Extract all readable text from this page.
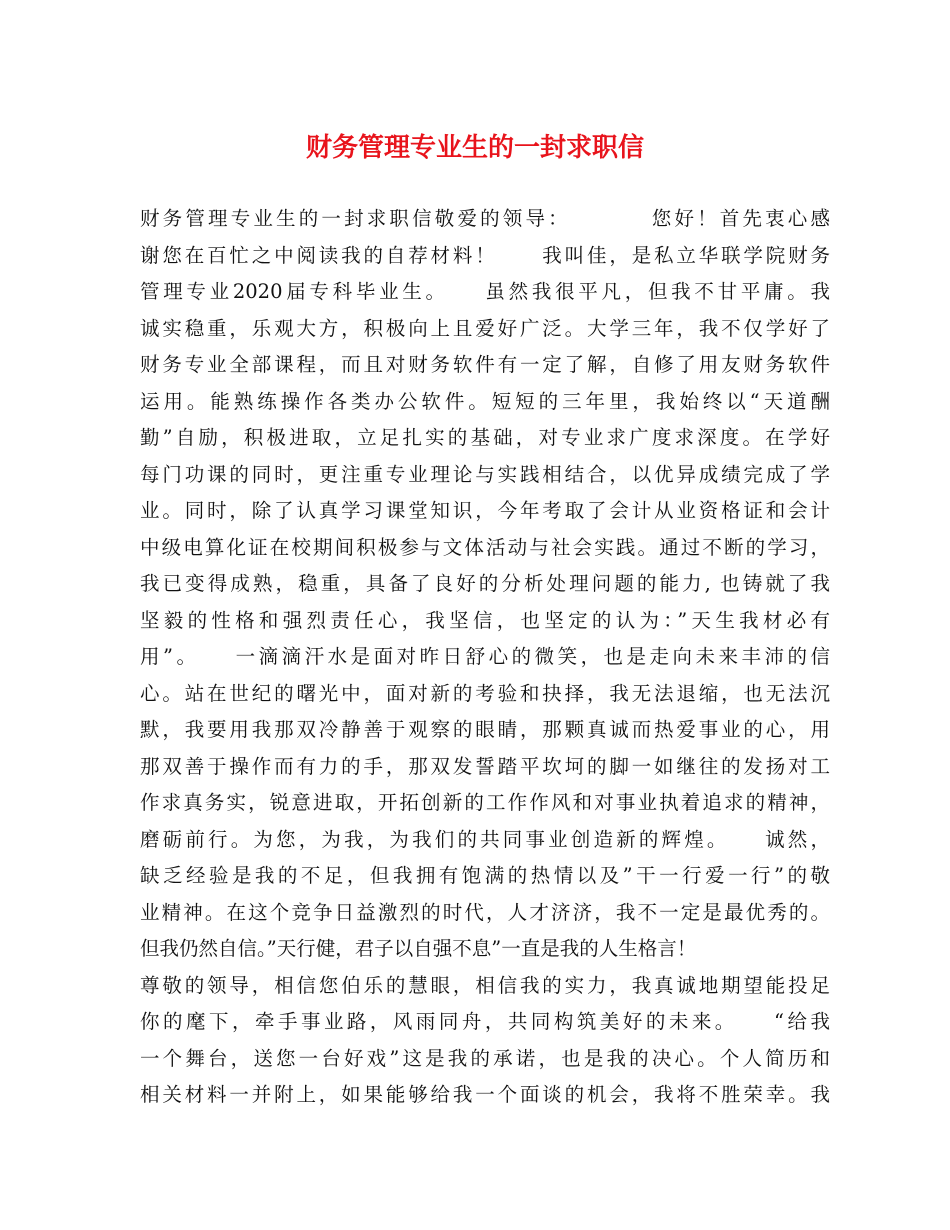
财务管理专业生的一封求职信
财务管理专业生的一封求职信敬爱的领导：　　　　您好！首先衷心感
谢您在百忙之中阅读我的自荐材料！　　我叫佳，是私立华联学院财务
管理专业2020届专科毕业生。　　虽然我很平凡，但我不甘平庸。我
诚实稳重，乐观大方，积极向上且爱好广泛。大学三年，我不仅学好了
财务专业全部课程，而且对财务软件有一定了解，自修了用友财务软件
运用。能熟练操作各类办公软件。短短的三年里，我始终以“天道酬
勤”自励，积极进取，立足扎实的基础，对专业求广度求深度。在学好
每门功课的同时，更注重专业理论与实践相结合，以优异成绩完成了学
业。同时，除了认真学习课堂知识，今年考取了会计从业资格证和会计
中级电算化证在校期间积极参与文体活动与社会实践。通过不断的学习，
我已变得成熟，稳重，具备了良好的分析处理问题的能力, 也铸就了我
坚毅的性格和强烈责任心，我坚信，也坚定的认为：”天生我材必有
用”。　　一滴滴汗水是面对昨日舒心的微笑，也是走向未来丰沛的信
心。站在世纪的曙光中，面对新的考验和抉择，我无法退缩，也无法沉
默，我要用我那双冷静善于观察的眼睛，那颗真诚而热爱事业的心，用
那双善于操作而有力的手，那双发誓踏平坎坷的脚一如继往的发扬对工
作求真务实，锐意进取，开拓创新的工作作风和对事业执着追求的精神，
磨砺前行。为您，为我，为我们的共同事业创造新的辉煌。　　诚然，
缺乏经验是我的不足，但我拥有饱满的热情以及”干一行爱一行”的敬
业精神。在这个竞争日益激烈的时代，人才济济，我不一定是最优秀的。
但我仍然自信。”天行健，君子以自强不息”一直是我的人生格言！
尊敬的领导，相信您伯乐的慧眼，相信我的实力，我真诚地期望能投足
你的麾下，牵手事业路，风雨同舟，共同构筑美好的未来。　　“给我
一个舞台，送您一台好戏”这是我的承诺，也是我的决心。个人简历和
相关材料一并附上，如果能够给我一个面谈的机会，我将不胜荣幸。我
